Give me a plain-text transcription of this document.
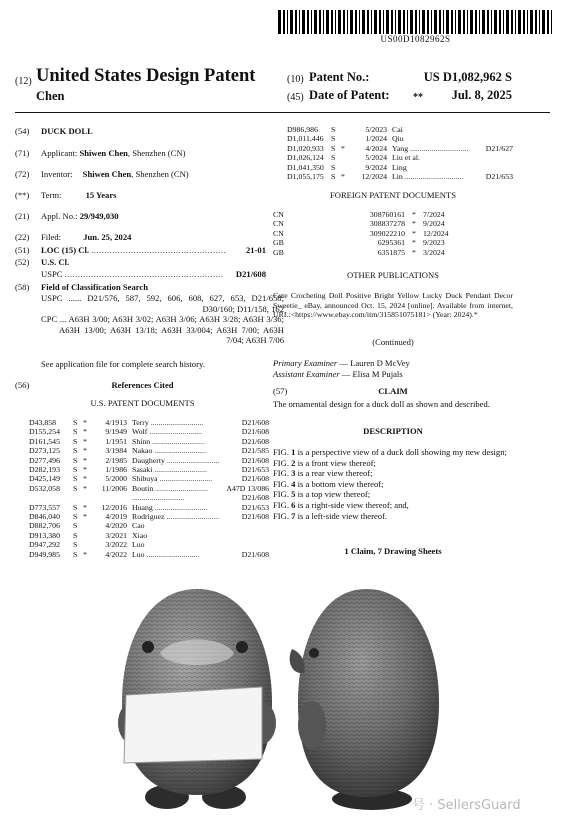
US00D1082962S
(12) United States Design Patent
Chen
(10) Patent No.:	US D1,082,962 S
(45) Date of Patent: **	Jul. 8, 2025
(54) DUCK DOLL
(71) Applicant: Shiwen Chen, Shenzhen (CN)
(72) Inventor: Shiwen Chen, Shenzhen (CN)
(**) Term:	15 Years
(21) Appl. No.: 29/949,030
(22) Filed:	Jun. 25, 2024
(51) LOC (15) Cl. ................................................... 21-01
(52) U.S. Cl.
USPC ............................................................ D21/608
(58) Field of Classification Search
USPC ...... D21/576, 587, 592, 606, 608, 627, 653, D21/658; D30/160; D11/158, 162
CPC ... A63H 3/00; A63H 3/02; A63H 3/06; A63H 3/28; A63H 3/36; A63H 13/00; A63H 13/18; A63H 33/004; A63H 7/00; A63H 7/04; A63H 7/06
See application file for complete search history.
(56)	References Cited
U.S. PATENT DOCUMENTS
D43,858	S	*	4/1913	Terry ...........................	D21/608
D155,254	S	*	9/1949	Wolf ...........................	D21/608
D161,545	S	*	1/1951	Shinn ...........................	D21/608
D273,125	S	*	3/1984	Nakao ...........................	D21/585
D277,496	S	*	2/1985	Daugherty ...........................	D21/608
D282,193	S	*	1/1986	Sasaki ...........................	D21/653
D425,149	S	*	5/2000	Shibuya ...........................	D21/608
D532,058	S	*	11/2006	Boutin ...........................	A47D 13/086
				...........................	D21/608
D773,557	S	*	12/2016	Huang ...........................	D21/653
D846,040	S	*	4/2019	Rodriguez ...........................	D21/608
D882,706	S		4/2020	Cao	
D913,380	S		3/2021	Xiao	
D947,292	S		3/2022	Luo	
D949,985	S	*	4/2022	Luo ...........................	D21/608
D986,986	S		5/2023	Cai	
D1,011,446	S		1/2024	Qiu	
D1,020,933	S	*	4/2024	Yang ..............................	D21/627
D1,026,124	S		5/2024	Liu et al.	
D1,041,350	S		9/2024	Ling	
D1,055,175	S	*	12/2024	Lin ..............................	D21/653
FOREIGN PATENT DOCUMENTS
CN	308760161	*	7/2024
CN	308837278	*	9/2024
CN	309022210	*	12/2024
GB	6295361	*	9/2023
GB	6351875	*	3/2024
OTHER PUBLICATIONS
Cute Crocheting Doll Positive Bright Yellow Lucky Duck Pendant Decor Sweetie_ eBay, announced Oct. 15, 2024 [online]. Available from internet, URL:<https://www.ebay.com/itm/315851075181> (Year: 2024).*
(Continued)
Primary Examiner — Lauren D McVey
Assistant Examiner — Elisa M Pujals
(57)	CLAIM
The ornamental design for a duck doll as shown and described.
DESCRIPTION
FIG. 1 is a perspective view of a duck doll showing my new design;
FIG. 2 is a front view thereof;
FIG. 3 is a rear view thereof;
FIG. 4 is a bottom view thereof;
FIG. 5 is a top view thereof;
FIG. 6 is a right-side view thereof; and,
FIG. 7 is a left-side view thereof.
1 Claim, 7 Drawing Sheets
号 · SellersGuard
